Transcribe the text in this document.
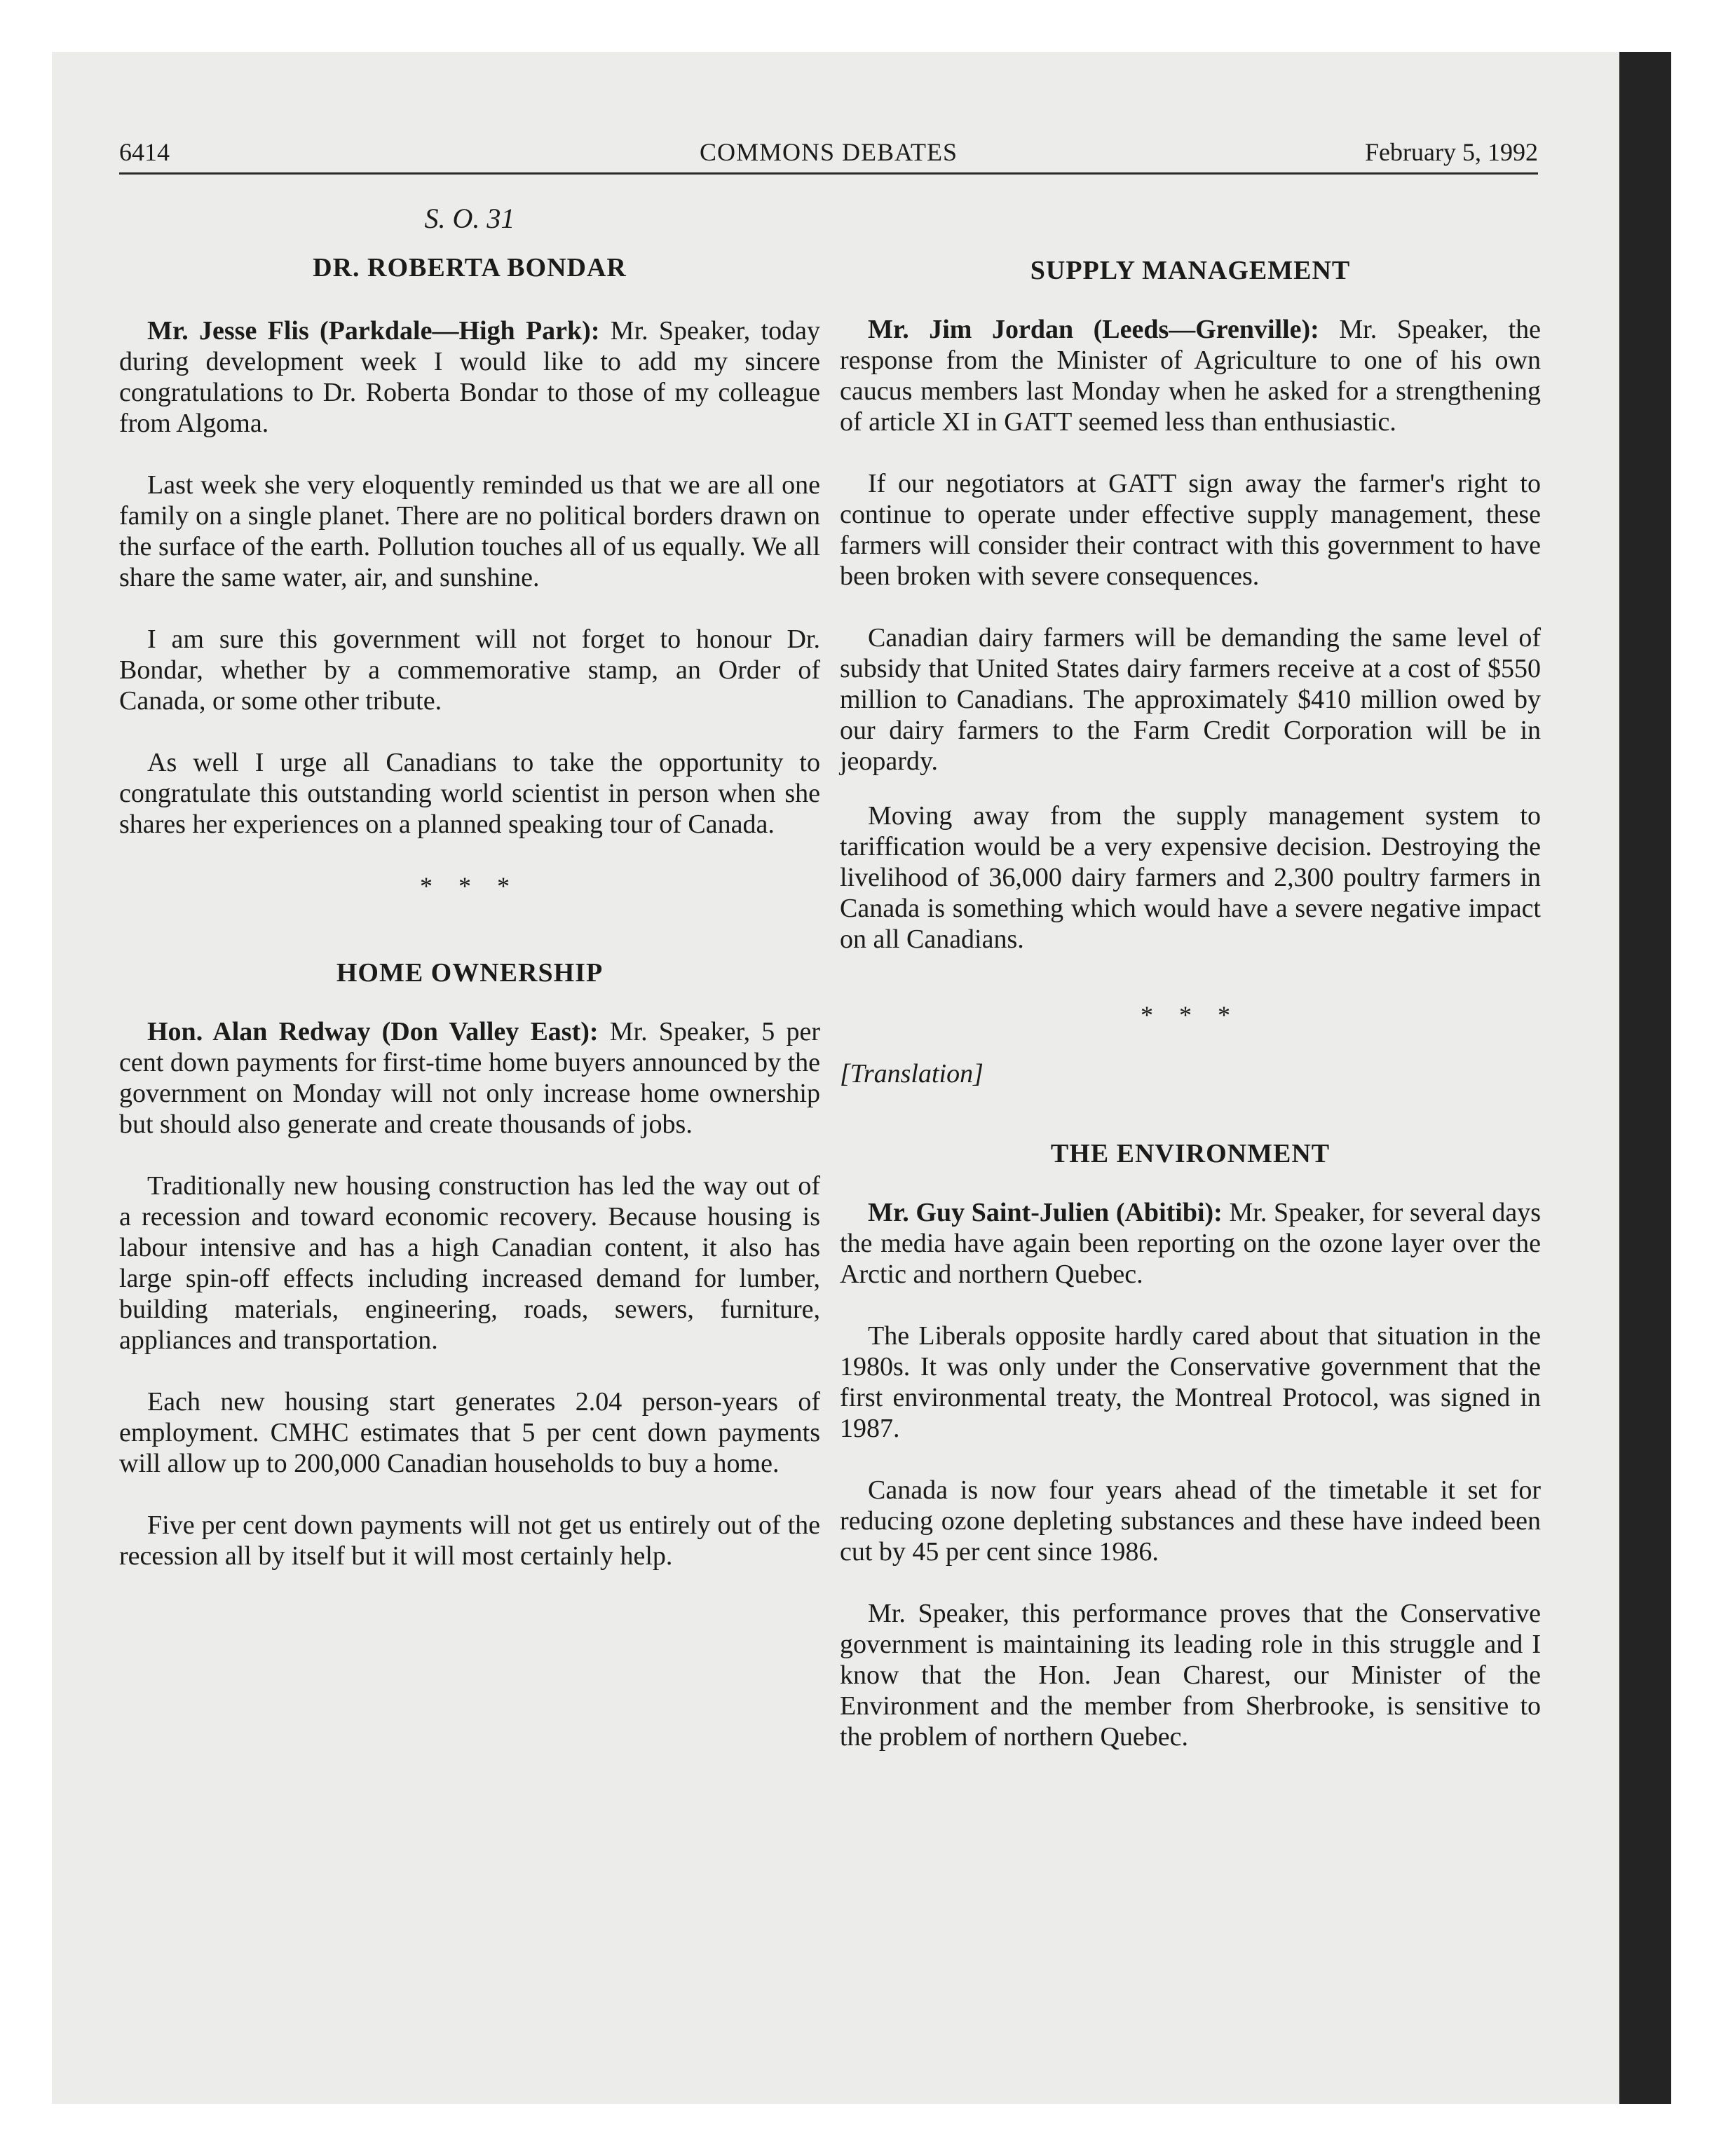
6414	COMMONS DEBATES	February 5, 1992
S. O. 31
DR. ROBERTA BONDAR

Mr. Jesse Flis (Parkdale—High Park): Mr. Speaker, today during development week I would like to add my sincere congratulations to Dr. Roberta Bondar to those of my colleague from Algoma.

Last week she very eloquently reminded us that we are all one family on a single planet. There are no political borders drawn on the surface of the earth. Pollution touches all of us equally. We all share the same water, air, and sunshine.

I am sure this government will not forget to honour Dr. Bondar, whether by a commemorative stamp, an Order of Canada, or some other tribute.

As well I urge all Canadians to take the opportunity to congratulate this outstanding world scientist in person when she shares her experiences on a planned speaking tour of Canada.

* * *
HOME OWNERSHIP

Hon. Alan Redway (Don Valley East): Mr. Speaker, 5 per cent down payments for first-time home buyers announced by the government on Monday will not only increase home ownership but should also generate and create thousands of jobs.

Traditionally new housing construction has led the way out of a recession and toward economic recovery. Because housing is labour intensive and has a high Canadian content, it also has large spin-off effects including increased demand for lumber, building materials, engineering, roads, sewers, furniture, appliances and transportation.

Each new housing start generates 2.04 person-years of employment. CMHC estimates that 5 per cent down payments will allow up to 200,000 Canadian households to buy a home.

Five per cent down payments will not get us entirely out of the recession all by itself but it will most certainly help.

SUPPLY MANAGEMENT

Mr. Jim Jordan (Leeds—Grenville): Mr. Speaker, the response from the Minister of Agriculture to one of his own caucus members last Monday when he asked for a strengthening of article XI in GATT seemed less than enthusiastic.

If our negotiators at GATT sign away the farmer's right to continue to operate under effective supply management, these farmers will consider their contract with this government to have been broken with severe consequences.

Canadian dairy farmers will be demanding the same level of subsidy that United States dairy farmers receive at a cost of $550 million to Canadians. The approximately $410 million owed by our dairy farmers to the Farm Credit Corporation will be in jeopardy.

Moving away from the supply management system to tariffication would be a very expensive decision. Destroying the livelihood of 36,000 dairy farmers and 2,300 poultry farmers in Canada is something which would have a severe negative impact on all Canadians.

* * *
[Translation]
THE ENVIRONMENT

Mr. Guy Saint-Julien (Abitibi): Mr. Speaker, for several days the media have again been reporting on the ozone layer over the Arctic and northern Quebec.

The Liberals opposite hardly cared about that situation in the 1980s. It was only under the Conservative government that the first environmental treaty, the Montreal Protocol, was signed in 1987.

Canada is now four years ahead of the timetable it set for reducing ozone depleting substances and these have indeed been cut by 45 per cent since 1986.

Mr. Speaker, this performance proves that the Conservative government is maintaining its leading role in this struggle and I know that the Hon. Jean Charest, our Minister of the Environment and the member from Sherbrooke, is sensitive to the problem of northern Quebec.
